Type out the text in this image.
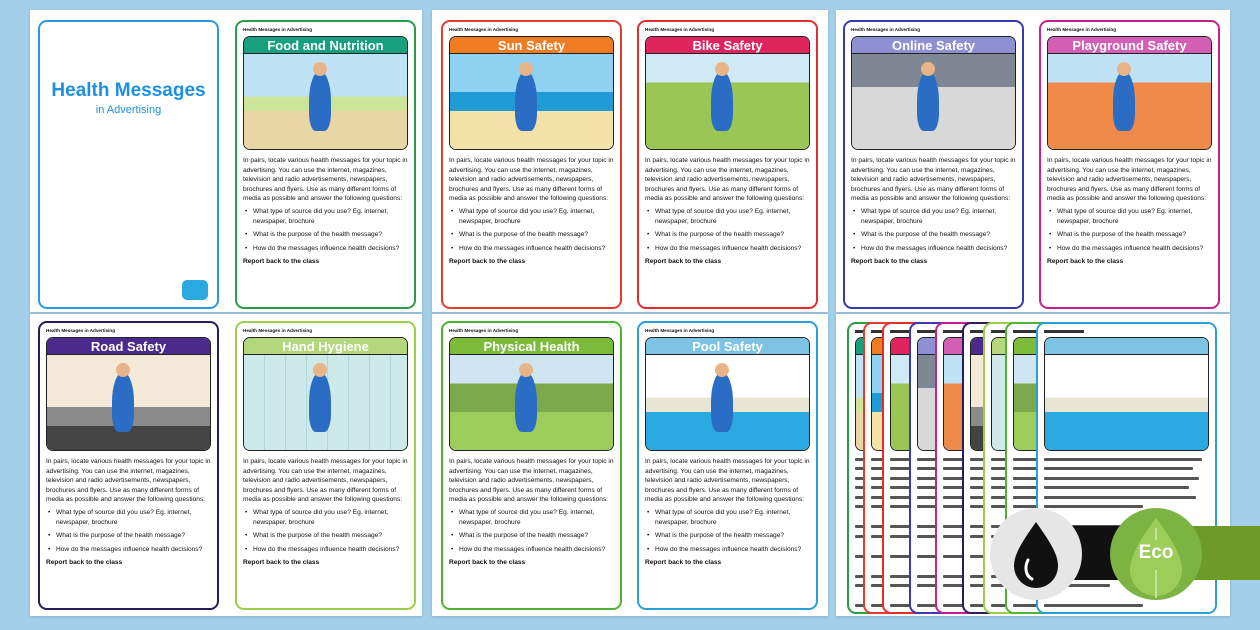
Health Messages
in Advertising
Health Messages in Advertising
Food and Nutrition
In pairs, locate various health messages for your topic in advertising. You can use the internet, magazines, television and radio advertisements, newspapers, brochures and flyers. Use as many different forms of media as possible and answer the following questions:
• What type of source did you use? Eg. internet, newspaper, brochure
• What is the purpose of the health message?
• How do the messages influence health decisions?
Report back to the class
Health Messages in Advertising
Sun Safety
In pairs, locate various health messages for your topic in advertising. You can use the internet, magazines, television and radio advertisements, newspapers, brochures and flyers. Use as many different forms of media as possible and answer the following questions:
• What type of source did you use? Eg. internet, newspaper, brochure
• What is the purpose of the health message?
• How do the messages influence health decisions?
Report back to the class
Health Messages in Advertising
Bike Safety
In pairs, locate various health messages for your topic in advertising. You can use the internet, magazines, television and radio advertisements, newspapers, brochures and flyers. Use as many different forms of media as possible and answer the following questions:
• What type of source did you use? Eg. internet, newspaper, brochure
• What is the purpose of the health message?
• How do the messages influence health decisions?
Report back to the class
Health Messages in Advertising
Online Safety
In pairs, locate various health messages for your topic in advertising. You can use the internet, magazines, television and radio advertisements, newspapers, brochures and flyers. Use as many different forms of media as possible and answer the following questions:
• What type of source did you use? Eg. internet, newspaper, brochure
• What is the purpose of the health message?
• How do the messages influence health decisions?
Report back to the class
Health Messages in Advertising
Playground Safety
In pairs, locate various health messages for your topic in advertising. You can use the internet, magazines, television and radio advertisements, newspapers, brochures and flyers. Use as many different forms of media as possible and answer the following questions:
• What type of source did you use? Eg. internet, newspaper, brochure
• What is the purpose of the health message?
• How do the messages influence health decisions?
Report back to the class
Health Messages in Advertising
Road Safety
In pairs, locate various health messages for your topic in advertising. You can use the internet, magazines, television and radio advertisements, newspapers, brochures and flyers. Use as many different forms of media as possible and answer the following questions:
• What type of source did you use? Eg. internet, newspaper, brochure
• What is the purpose of the health message?
• How do the messages influence health decisions?
Report back to the class
Health Messages in Advertising
Hand Hygiene
In pairs, locate various health messages for your topic in advertising. You can use the internet, magazines, television and radio advertisements, newspapers, brochures and flyers. Use as many different forms of media as possible and answer the following questions:
• What type of source did you use? Eg. internet, newspaper, brochure
• What is the purpose of the health message?
• How do the messages influence health decisions?
Report back to the class
Health Messages in Advertising
Physical Health
In pairs, locate various health messages for your topic in advertising. You can use the internet, magazines, television and radio advertisements, newspapers, brochures and flyers. Use as many different forms of media as possible and answer the following questions:
• What type of source did you use? Eg. internet, newspaper, brochure
• What is the purpose of the health message?
• How do the messages influence health decisions?
Report back to the class
Health Messages in Advertising
Pool Safety
In pairs, locate various health messages for your topic in advertising. You can use the internet, magazines, television and radio advertisements, newspapers, brochures and flyers. Use as many different forms of media as possible and answer the following questions:
• What type of source did you use? Eg. internet, newspaper, brochure
• What is the purpose of the health message?
• How do the messages influence health decisions?
Report back to the class	Eco
